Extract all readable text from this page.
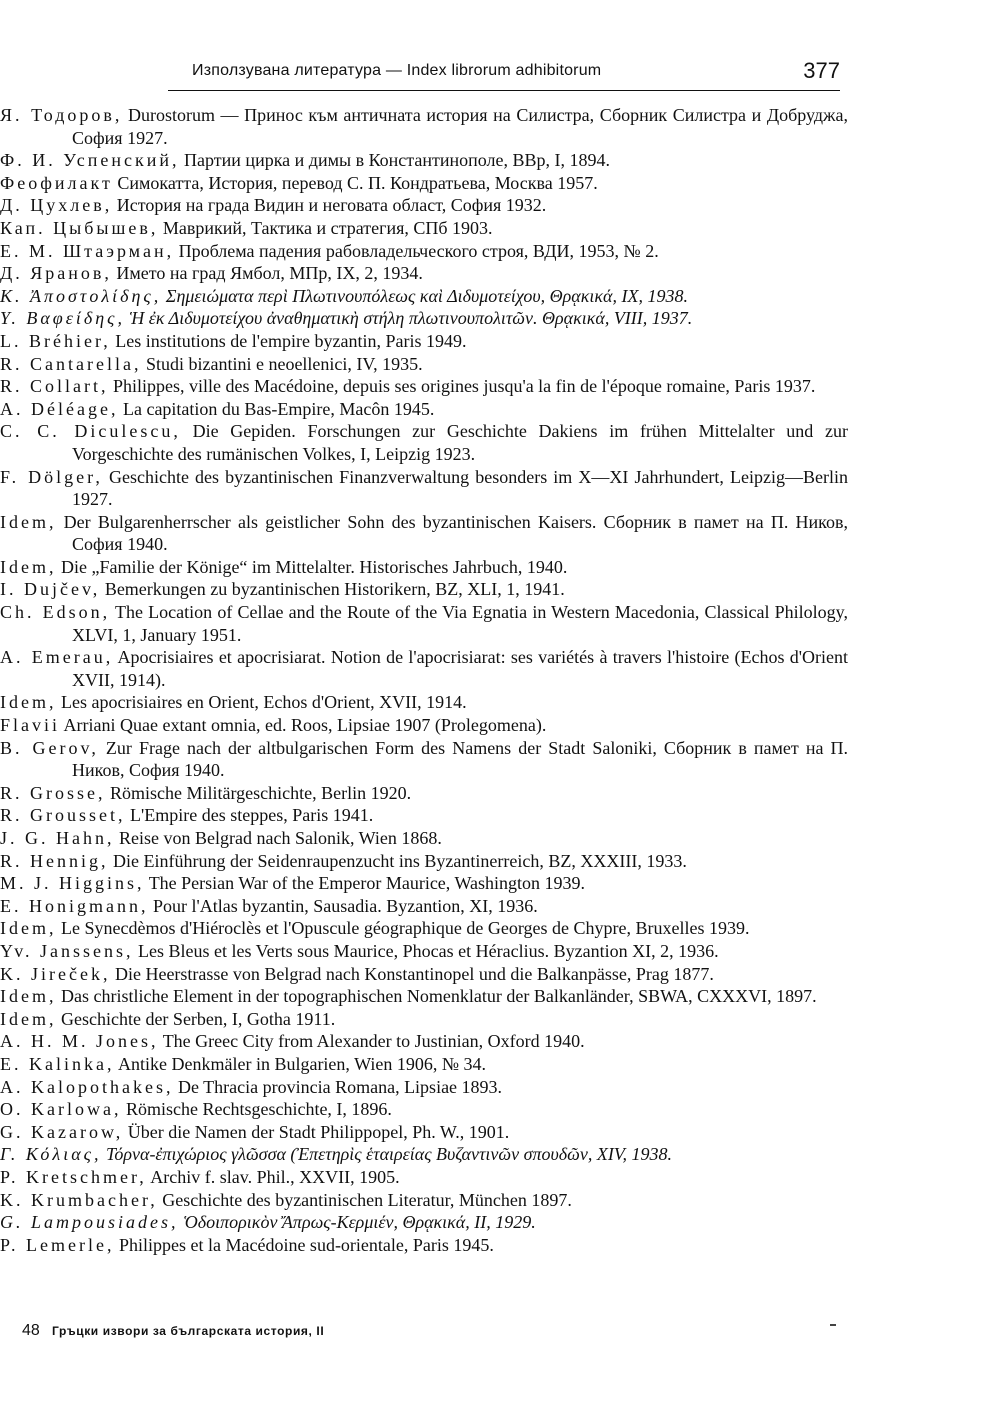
Използувана литература — Index librorum adhibitorum	377
Я. Тодоров, Durostorum — Принос към античната история на Силистра, Сборник Силистра и Добруджа, София 1927.
Ф. И. Успенский, Партии цирка и димы в Константинополе, ВВр, I, 1894.
Феофилакт Симокатта, История, перевод С. П. Кондратьева, Москва 1957.
Д. Цухлев, История на града Видин и неговата област, София 1932.
Кап. Цыбышев, Маврикий, Тактика и стратегия, СПб 1903.
Е. М. Штаэрман, Проблема падения рабовладельческого строя, ВДИ, 1953, № 2.
Д. Яранов, Името на град Ямбол, МПр, IX, 2, 1934.
K. Ἀποστολίδης, Σημειώματα περὶ Πλωτινουπόλεως καὶ Διδυμοτείχου, Θρᾳκικά, IX, 1938.
Y. Βαφείδης, Ἡ ἐκ Διδυμοτείχου ἀναθηματικὴ στήλη πλωτινουπολιτῶν. Θρᾳκικά, VIII, 1937.
L. Bréhier, Les institutions de l'empire byzantin, Paris 1949.
R. Cantarella, Studi bizantini e neoellenici, IV, 1935.
R. Collart, Philippes, ville des Macédoine, depuis ses origines jusqu'a la fin de l'époque romaine, Paris 1937.
A. Déléage, La capitation du Bas-Empire, Macôn 1945.
C. C. Diculescu, Die Gepiden. Forschungen zur Geschichte Dakiens im frühen Mittelalter und zur Vorgeschichte des rumänischen Volkes, I, Leipzig 1923.
F. Dölger, Geschichte des byzantinischen Finanzverwaltung besonders im X—XI Jahrhundert, Leipzig—Berlin 1927.
Idem, Der Bulgarenherrscher als geistlicher Sohn des byzantinischen Kaisers. Сборник в памет на П. Ников, София 1940.
Idem, Die „Familie der Könige“ im Mittelalter. Historisches Jahrbuch, 1940.
I. Dujčev, Bemerkungen zu byzantinischen Historikern, BZ, XLI, 1, 1941.
Ch. Edson, The Location of Cellae and the Route of the Via Egnatia in Western Macedonia, Classical Philology, XLVI, 1, January 1951.
A. Emerau, Apocrisiaires et apocrisiarat. Notion de l'apocrisiarat: ses variétés à travers l'histoire (Echos d'Orient XVII, 1914).
Idem, Les apocrisiaires en Orient, Echos d'Orient, XVII, 1914.
Flavii Arriani Quae extant omnia, ed. Roos, Lipsiae 1907 (Prolegomena).
B. Gerov, Zur Frage nach der altbulgarischen Form des Namens der Stadt Saloniki, Сборник в памет на П. Ников, София 1940.
R. Grosse, Römische Militärgeschichte, Berlin 1920.
R. Grousset, L'Empire des steppes, Paris 1941.
J. G. Hahn, Reise von Belgrad nach Salonik, Wien 1868.
R. Hennig, Die Einführung der Seidenraupenzucht ins Byzantinerreich, BZ, XXXIII, 1933.
M. J. Higgins, The Persian War of the Emperor Maurice, Washington 1939.
E. Honigmann, Pour l'Atlas byzantin, Sausadia. Byzantion, XI, 1936.
Idem, Le Synecdèmos d'Hiéroclès et l'Opuscule géographique de Georges de Chypre, Bruxelles 1939.
Yv. Janssens, Les Bleus et les Verts sous Maurice, Phocas et Héraclius. Byzantion XI, 2, 1936.
K. Jireček, Die Heerstrasse von Belgrad nach Konstantinopel und die Balkanpässe, Prag 1877.
Idem, Das christliche Element in der topographischen Nomenklatur der Balkanländer, SBWA, CXXXVI, 1897.
Idem, Geschichte der Serben, I, Gotha 1911.
A. H. M. Jones, The Greec City from Alexander to Justinian, Oxford 1940.
E. Kalinka, Antike Denkmäler in Bulgarien, Wien 1906, № 34.
A. Kalopothakes, De Thracia provincia Romana, Lipsiae 1893.
O. Karlowa, Römische Rechtsgeschichte, I, 1896.
G. Kazarow, Über die Namen der Stadt Philippopel, Ph. W., 1901.
Γ. Κόλιας, Τόρνα-ἐπιχώριος γλῶσσα (Ἐπετηρὶς ἑταιρείας Βυζαντινῶν σπουδῶν, XIV, 1938.
P. Kretschmer, Archiv f. slav. Phil., XXVII, 1905.
K. Krumbacher, Geschichte des byzantinischen Literatur, München 1897.
G. Lampousiades, Ὁδοιπορικὸν Ἄπρως-Κερμιέν, Θρᾳκικά, II, 1929.
P. Lemerle, Philippes et la Macédoine sud-orientale, Paris 1945.
48 Гръцки извори за българската история, II
